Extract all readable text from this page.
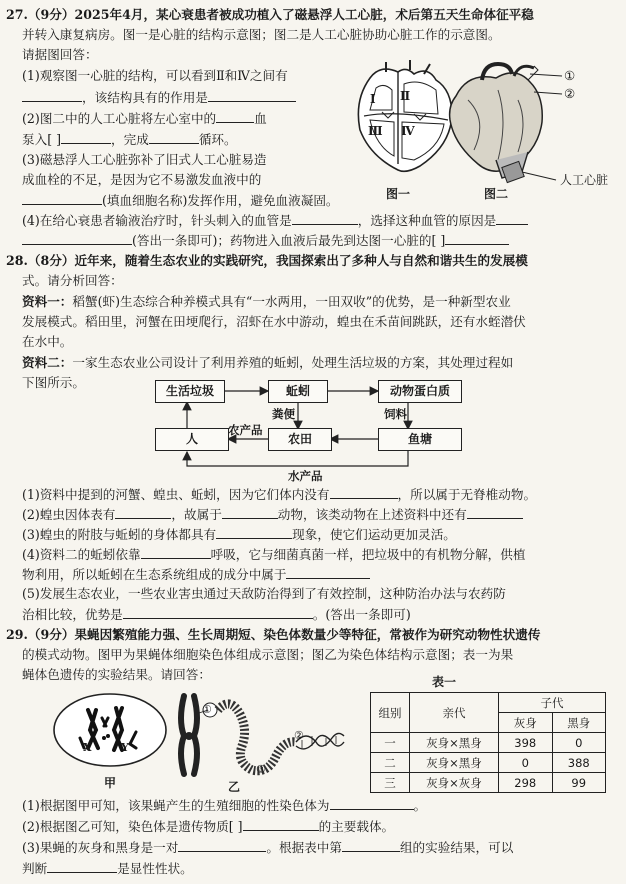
27.（9分）2025年4月，某心衰患者被成功植入了磁悬浮人工心脏，术后第五天生命体征平稳
并转入康复病房。图一是心脏的结构示意图；图二是人工心脏协助心脏工作的示意图。
请据图回答：
(1)观察图一心脏的结构，可以看到Ⅱ和Ⅳ之间有
，该结构具有的作用是
(2)图二中的人工心脏将左心室中的	血
泵入[ ]	，完成	循环。
(3)磁悬浮人工心脏弥补了旧式人工心脏易造
成血栓的不足，是因为它不易激发血液中的
(填血细胞名称)发挥作用，避免血液凝固。
Ⅰ Ⅱ
Ⅲ Ⅳ
图一
①
②
人工心脏
图二
(4)在给心衰患者输液治疗时，针头刺入的血管是	，选择这种血管的原因是
(答出一条即可)；药物进入血液后最先到达图一心脏的[ ]
28.（8分）近年来，随着生态农业的实践研究，我国探索出了多种人与自然和谐共生的发展模
式。请分析回答：
资料一：稻蟹(虾)生态综合种养模式具有“一水两用，一田双收”的优势，是一种新型农业
发展模式。稻田里，河蟹在田埂爬行，沼虾在水中游动，蝗虫在禾苗间跳跃，还有水蛭潜伏
在水中。
资料二：一家生态农业公司设计了利用养殖的蚯蚓，处理生活垃圾的方案，其处理过程如
下图所示。
生活垃圾	蚯蚓	动物蛋白质
人	农田	鱼塘
粪便	饲料
农产品
水产品
(1)资料中提到的河蟹、蝗虫、蚯蚓，因为它们体内没有	，所以属于无脊椎动物。
(2)蝗虫因体表有	，故属于	动物，该类动物在上述资料中还有
(3)蝗虫的附肢与蚯蚓的身体都具有	现象，使它们运动更加灵活。
(4)资料二的蚯蚓依靠	呼吸，它与细菌真菌一样，把垃圾中的有机物分解，供植
物利用，所以蚯蚓在生态系统组成的成分中属于
(5)发展生态农业，一些农业害虫通过天敌防治得到了有效控制，这种防治办法与农药防
治相比较，优势是	。(答出一条即可)
29.（9分）果蝇因繁殖能力强、生长周期短、染色体数量少等特征，常被作为研究动物性状遗传
的模式动物。图甲为果蝇体细胞染色体组成示意图；图乙为染色体结构示意图；表一为果
蝇体色遗传的实验结果。请回答：
X	Y
甲
①
②
③
乙
表一
组别	亲代	子代	
		灰身	黑身
一	灰身×黑身	398	0
二	灰身×黑身	0	388
三	灰身×灰身	298	99
(1)根据图甲可知，该果蝇产生的生殖细胞的性染色体为	。
(2)根据图乙可知，染色体是遗传物质[ ]	的主要载体。
(3)果蝇的灰身和黑身是一对	。根据表中第	组的实验结果，可以
判断	是显性性状。
